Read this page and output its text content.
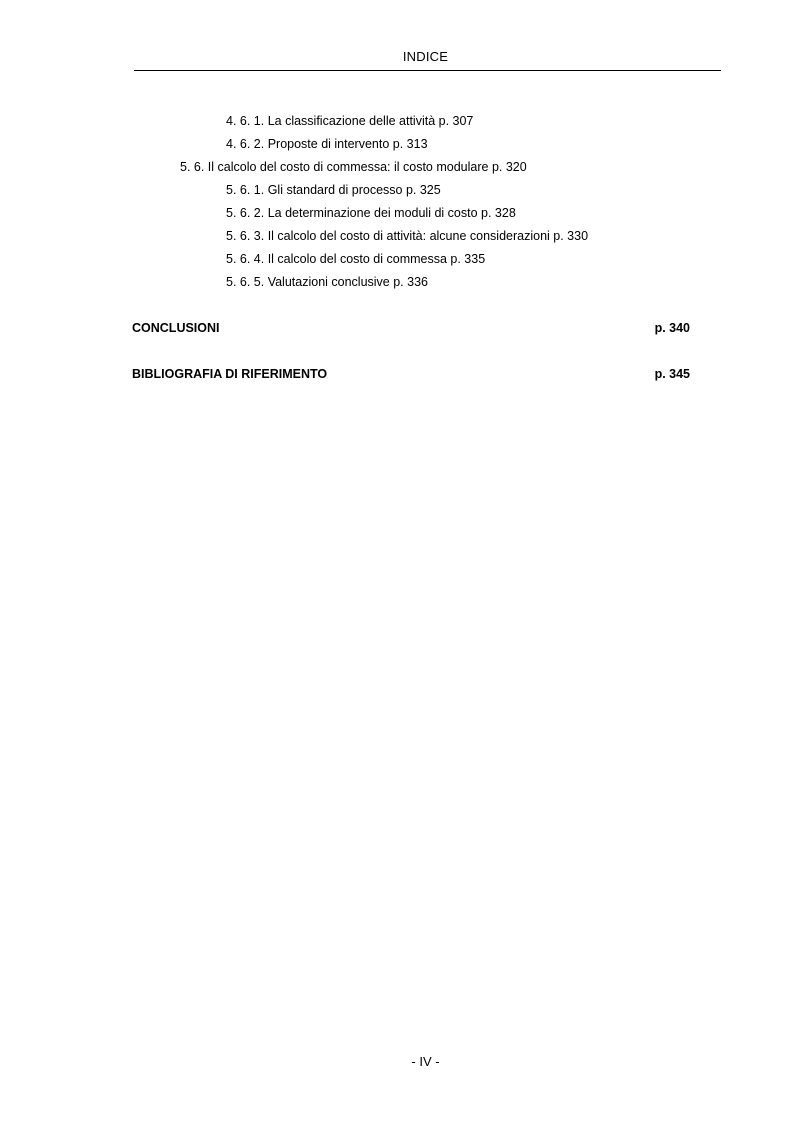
INDICE
4. 6. 1. La classificazione delle attività p. 307
4. 6. 2. Proposte di intervento p. 313
5. 6. Il calcolo del costo di commessa: il costo modulare p. 320
5. 6. 1. Gli standard di processo p. 325
5. 6. 2. La determinazione dei moduli di costo p. 328
5. 6. 3. Il calcolo del costo di attività: alcune considerazioni p. 330
5. 6. 4. Il calcolo del costo di commessa p. 335
5. 6. 5. Valutazioni conclusive p. 336
CONCLUSIONI	p. 340
BIBLIOGRAFIA DI RIFERIMENTO	p. 345
- IV -
